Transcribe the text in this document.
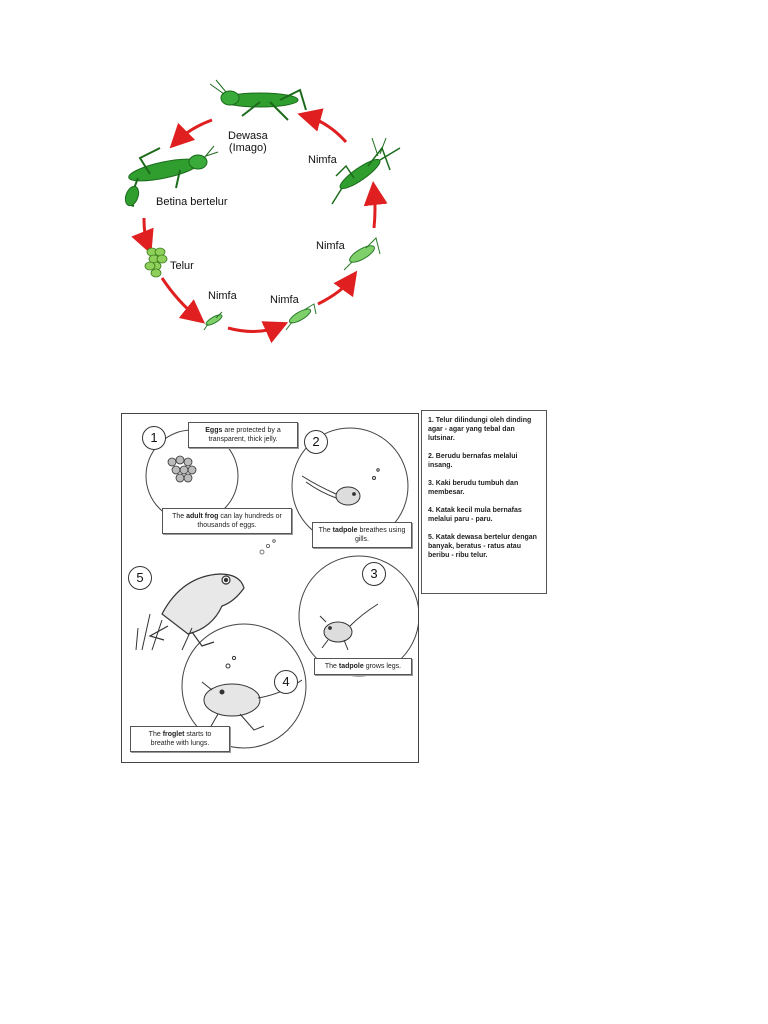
Dewasa
(Imago)
Betina bertelur
Telur
Nimfa	Nimfa
Nimfa
Nimfa
1	2
3
4
5
Eggs are protected by a transparent, thick jelly.
The adult frog can lay hundreds or thousands of eggs.
The tadpole breathes using gills.
The tadpole grows legs.
The froglet starts to breathe with lungs.

1. Telur dilindungi oleh dinding agar - agar yang tebal dan lutsinar.

2. Berudu bernafas melalui insang.

3. Kaki berudu tumbuh dan membesar.

4. Katak kecil mula bernafas melalui paru - paru.

5. Katak dewasa bertelur dengan banyak, beratus - ratus atau beribu - ribu telur.
